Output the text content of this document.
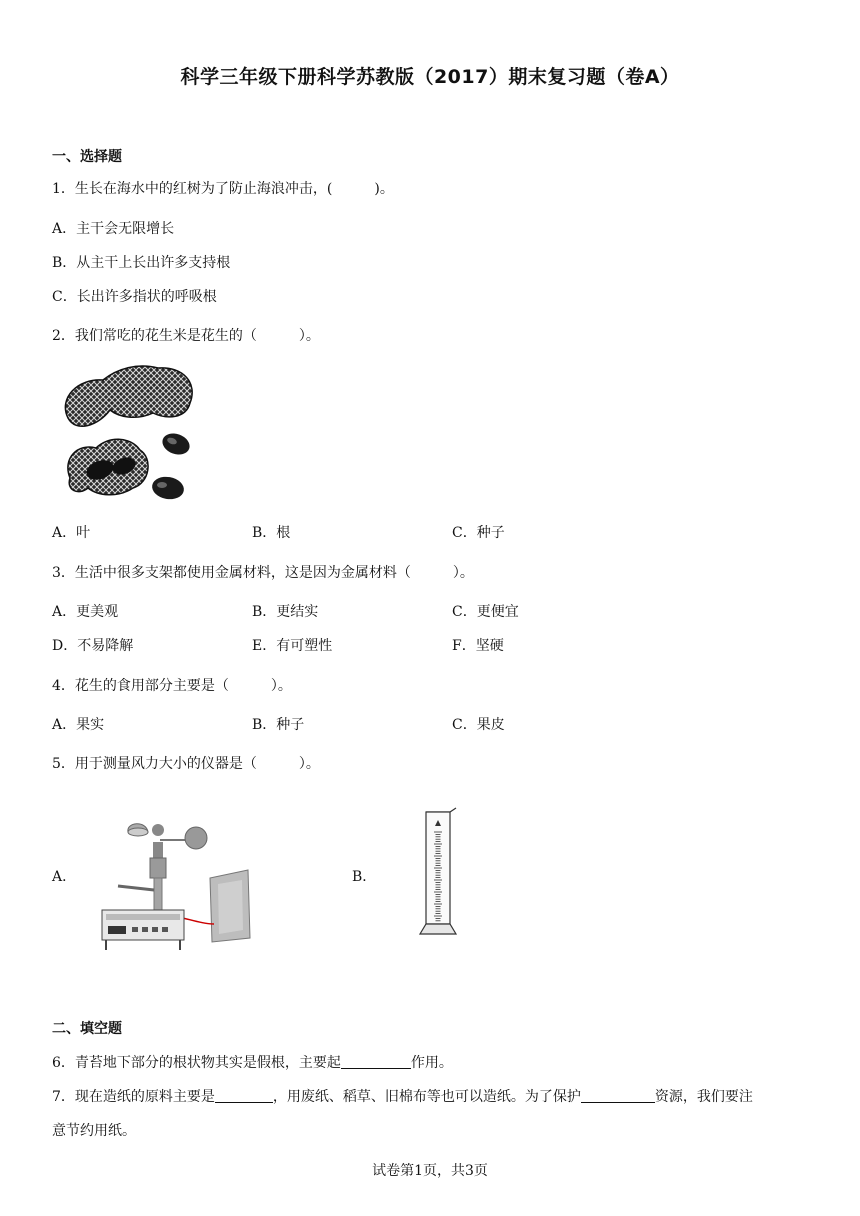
科学三年级下册科学苏教版（2017）期末复习题（卷A）
一、选择题
1．生长在海水中的红树为了防止海浪冲击，(　　　)。
A．主干会无限增长
B．从主干上长出许多支持根
C．长出许多指状的呼吸根
2．我们常吃的花生米是花生的（　　　）。
A．叶	B．根	C．种子
3．生活中很多支架都使用金属材料，这是因为金属材料（　　　）。
A．更美观	B．更结实	C．更便宜
D．不易降解	E．有可塑性	F．坚硬
4．花生的食用部分主要是（　　　）。
A．果实	B．种子	C．果皮
5．用于测量风力大小的仪器是（　　　）。
A．	B．
二、填空题
6．青苔地下部分的根状物其实是假根，主要起	作用。
7．现在造纸的原料主要是	，用废纸、稻草、旧棉布等也可以造纸。为了保护	资源，我们要注
意节约用纸。
试卷第1页，共3页
